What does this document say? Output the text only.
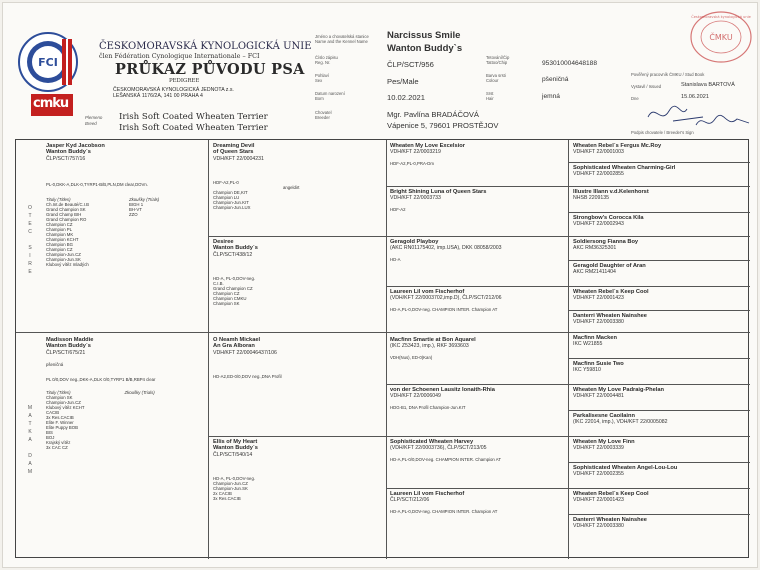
FCI
cmku
ČESKOMORAVSKÁ KYNOLOGICKÁ UNIE
člen Fédération Cynologique Internationale – FCI
PRŮKAZ PŮVODU PSA
PEDIGREE
ČESKOMORAVSKÁ KYNOLOGICKÁ JEDNOTA z.s.
LEŠANSKÁ 1176/2A, 141 00 PRAHA 4
Plemeno
Breed
Irish Soft Coated Wheaten Terrier
Irish Soft Coated Wheaten Terrier
Jméno a chovatelská stanice
Name and the Kennel Name
Číslo zápisu
Reg. Nr.
Pohlaví
Sex
Datum narození
Born
Chovatel
Breeder
Narcissus Smile
Wanton Buddy`s
ČLP/SCT/956
Pes/Male
10.02.2021
Mgr. Pavlína BRADÁČOVÁ
Vápenice 5, 79601 PROSTĚJOV
Tetování/Čip
Tattoo/Chip
Barva srsti
Colour
Srst
Hair
953010004648188
pšeničná
jemná
Pověřený pracovník ČMKU / Stud Book
Vystavil / Issued	Stanislava BARTOVÁ
Dne	15.06.2021
Podpis chovatele / Breeder's Sign
ČMKU
Českomoravská kynologická unie
Jasper Kyd Jacobson
Wanton Buddy`s
ČLP/SCT/757/16
PL-0,DKK-A,DLK-0,TYRP1-B/B,PLN,DM clear,DOVn.
Tituly (Titles)
Ch.Int.de Beauté/C.I.B
Grand Champion SK
Grand Champ BIH
Grand Champion RO
Champion CZ
Champion PL
Champion MK
Champion KCHT
Champion BG
Champion CZ
Champion-Jun.CZ
Champion-Jun.SK
Klubový vítěz mladých
Zkoušky (Trials)
BIGH 1
BH-VT
ZZO
O
T
E
C

S
I
R
E
Madisson Maddie
Wanton Buddy`s
ČLP/SCT/675/21
pšeničná
PL 0/0,DOV neg.,DKK-A,DLK 0/0,TYRP1 B/B,RBP4 clear
Tituly (Titles)
Champion SK
Champion-Jun.CZ
Klubový vítěz KCHT
CACIB
3x Res.CACIB
Elite F. Winner
Elite Puppy BOB
BIS
BOJ
Krajský vítěz
3x CAC CZ
Zkoušky (Trials)
M
A
T
K
A

D
A
M
Dreaming Devil
of Queen Stars
VDH/KFT 22/0004231
HDF-A2,PL-0
angeldirt
Champion DE,KIT
Champion LU
Champion-Jun.KIT
Champion-Jun.LUX
Desiree
Wanton Buddy`s
ČLP/SCT/438/12
HD-A, PL-0,DOV-neg.
C.I.B.
Grand Champion CZ
Champion CZ
Champion CMKU
Champion SK
Ó Neamh Mickael
An Gra Alboran
VDH/KFT 22/00046437/106
HD-A2,ED-0/0,DOV neg.,DNA Profil
Ellis of My Heart
Wanton Buddy`s
ČLP/SCT/540/14
HD-A, PL-0,DOV-neg.
Champion-Jun.CZ
Champion-Jun.SK
2x CACIB
3x Res.CACIB
Wheaten My Love Excelsior
VDH/KFT 22/0003219
HDF-A2,PL-0,PRA-Dm
Bright Shining Luna of Queen Stars
VDH/KFT 22/0003733
HDF-A2
Geragold Playboy
(AKC RN01175402, imp.USA), DKK 08058/2003
HD-A
Laureen Lil vom Fischerhof
(VDH/KFT 22/0003702,imp.D), ČLP/SCT/212/06
HD-A,PL-0,DOV-neg. CHAMPION INTER. Champion AT
Macfinn Smartie at Bon Aquarel
(IKC Z53423, imp.), RKF 3693603
VDH(Nus), ED-0(Kan)
von der Schoenen Lausitz Ionaith-Rhia
VDH/KFT 22/0006049
HDG-B1, DNA Profil Champion-Jun.KIT
Sophisticated Wheaten Harvey
(VDH/KFT 22/0003736), ČLP/SCT/213/05
HD-A,PL-0/0,DOV-neg. CHAMPION INTER. Champion AT
Laureen Lil vom Fischerhof
ČLP/SCT/212/06
HD-A,PL-0,DOV-neg. CHAMPION INTER. Champion AT
Wheaten Rebel´s Fergus Mc.Roy
VDH/KFT 22/0001003
Sophisticated Wheaten Charming-Girl
VDH/KFT 22/0002855
Illustre Illann v.d.Kelenhorst
NHSB 2209135
Strongbow's Corocca Kila
VDH/KFT 22/0002943
Soldiersong Fianna Boy
AKC RM36325301
Geragold Daughter of Aran
AKC RM21411404
Wheaten Rebel´s Keep Cool
VDH/KFT 22/0001423
Danterri Wheaten Nainshee
VDH/KFT 22/0003380
Macfinn Macken
IKC W21855
Macfinn Susie Two
IKC Y59810
Wheaten My Love Padraig-Phelan
VDH/KFT 22/0004481
Parkalisesne Caoilainn
(IKC 22014, imp.), VDH/KFT 22/0005082
Wheaten My Love Finn
VDH/KFT 22/0003339
Sophisticated Wheaten Angel-Lou-Lou
VDH/KFT 22/0002355
Wheaten Rebel´s Keep Cool
VDH/KFT 22/0001423
Danterri Wheaten Nainshee
VDH/KFT 22/0003380
